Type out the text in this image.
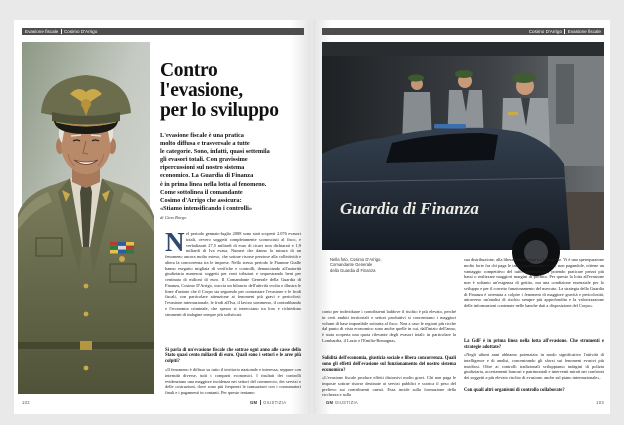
Evasione fiscale Cosimo D'Arrigo
Contro
l'evasione,
per lo sviluppo
L'evasione fiscale è una pratica
molto diffusa e trasversale a tutte
le categorie. Sono, infatti, quasi settemila
gli evasori totali. Con gravissime
ripercussioni sul nostro sistema
economico. La Guardia di Finanza
è in prima linea nella lotta al fenomeno.
Come sottolinea il comandante
Cosimo d'Arrigo che assicura:
«Stiamo intensificando i controlli»
di Gino Borgo
Nel periodo gennaio-luglio 2008 sono stati scoperti 2.076 evasori totali, ovvero soggetti completamente sconosciuti al fisco, e verbalizzati 27,5 miliardi di euro di ricavi non dichiarati e 1,9 miliardi di Iva evasa. Numeri che danno la misura di un fenomeno ancora molto esteso, che sottrae risorse preziose alla collettività e altera la concorrenza tra le imprese. Nello stesso periodo le Fiamme Gialle hanno eseguito migliaia di verifiche e controlli, denunciando all'autorità giudiziaria numerosi soggetti per reati tributari e sequestrando beni per centinaia di milioni di euro. Il Comandante Generale della Guardia di Finanza, Cosimo D'Arrigo, traccia un bilancio dell'attività svolta e illustra le linee d'azione che il Corpo sta seguendo per contrastare l'evasione e le frodi fiscali, con particolare attenzione ai fenomeni più gravi e pericolosi: l'evasione internazionale, le frodi all'Iva, il lavoro sommerso, il contrabbando e l'economia criminale, che spesso si intrecciano tra loro e richiedono strumenti di indagine sempre più sofisticati.
Si parla di un'evasione fiscale che sottrae ogni anno alle casse dello Stato quasi cento miliardi di euro. Quali sono i settori e le aree più colpiti?
«Il fenomeno è diffuso su tutto il territorio nazionale e interessa, seppure con intensità diverse, tutti i comparti economici. I risultati dei controlli evidenziano una maggiore incidenza nei settori del commercio, dei servizi e delle costruzioni, dove sono più frequenti le transazioni con i consumatori finali e i pagamenti in contanti. Per questo teniamo
102	GM GIUSTIZIA
Cosimo D'Arrigo Evasione fiscale
Guardia di Finanza
Nella foto, Cosimo D'Arrigo,
Comandante Generale
della Guardia di Finanza
conto per individuare i contribuenti laddove il rischio è più elevato, perché in certi ambiti territoriali e settori produttivi si concentrano i maggiori volumi di base imponibile sottratta al fisco. Non a caso le regioni più ricche dal punto di vista economico sono anche quelle in cui, dall'inizio dell'anno, è stata scoperta una quota rilevante degli evasori totali: in particolare la Lombardia, il Lazio e l'Emilia-Romagna».
Solidità dell'economia, giustizia sociale e libera concorrenza. Quali sono gli effetti dell'evasione sul funzionamento del nostro sistema economico?
«L'evasione fiscale produce effetti distorsivi molto gravi. Chi non paga le imposte sottrae risorse destinate ai servizi pubblici e scarica il peso del prelievo sui contribuenti onesti. Essa incide sulla formazione della ricchezza e sulla
sua distribuzione, alla libera concorrenza tra le imprese. Vi è una sperequazione molto forte fra chi paga le tasse regolarmente e chi, non pagandole, ottiene un vantaggio competitivo del tutto ingiustificato, potendo praticare prezzi più bassi o realizzare maggiori margini di profitto. Per questo la lotta all'evasione non è soltanto un'esigenza di gettito, ma una condizione essenziale per lo sviluppo e per il corretto funzionamento del mercato. La strategia della Guardia di Finanza è orientata a colpire i fenomeni di maggiore gravità e pericolosità, attraverso un'analisi di rischio sempre più approfondita e la valorizzazione delle informazioni contenute nelle banche dati a disposizione del Corpo».
La GdF è in prima linea nella lotta all'evasione. Che strumenti e strategie adottate?
«Negli ultimi anni abbiamo potenziato in modo significativo l'attività di intelligence e di analisi, concentrando gli sforzi sui fenomeni evasivi più insidiosi. Oltre ai controlli tradizionali sviluppiamo indagini di polizia giudiziaria, accertamenti bancari e patrimoniali e interventi mirati nei confronti dei soggetti a più elevato rischio di evasione, anche sul piano internazionale».
Con quali altri organismi di controllo collaborate?
GM GIUSTIZIA	103
